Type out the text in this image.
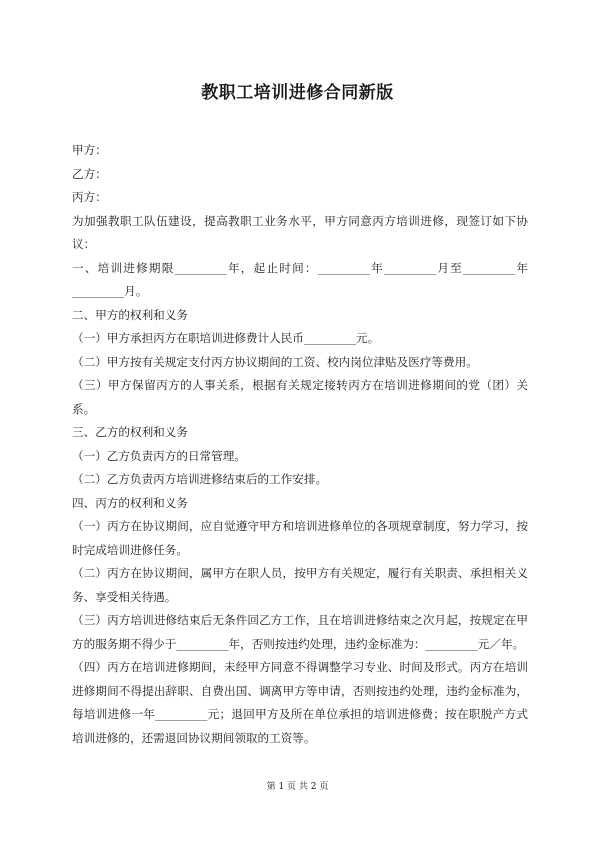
教职工培训进修合同新版

甲方：

乙方：

丙方：

为加强教职工队伍建设，提高教职工业务水平，甲方同意丙方培训进修，现签订如下协议：

一、培训进修期限_________年，起止时间：_________年_________月至_________年_________月。

二、甲方的权利和义务

（一）甲方承担丙方在职培训进修费计人民币_________元。

（二）甲方按有关规定支付丙方协议期间的工资、校内岗位津贴及医疗等费用。

（三）甲方保留丙方的人事关系，根据有关规定接转丙方在培训进修期间的党（团）关系。

三、乙方的权利和义务

（一）乙方负责丙方的日常管理。

（二）乙方负责丙方培训进修结束后的工作安排。

四、丙方的权利和义务

（一）丙方在协议期间，应自觉遵守甲方和培训进修单位的各项规章制度，努力学习，按时完成培训进修任务。

（二）丙方在协议期间，属甲方在职人员，按甲方有关规定，履行有关职责、承担相关义务、享受相关待遇。

（三）丙方培训进修结束后无条件回乙方工作，且在培训进修结束之次月起，按规定在甲方的服务期不得少于_________年，否则按违约处理，违约金标准为：_________元／年。

（四）丙方在培训进修期间，未经甲方同意不得调整学习专业、时间及形式。丙方在培训进修期间不得提出辞职、自费出国、调离甲方等申请，否则按违约处理，违约金标准为，每培训进修一年_________元；退回甲方及所在单位承担的培训进修费；按在职脱产方式培训进修的，还需退回协议期间领取的工资等。

第 1 页 共 2 页
